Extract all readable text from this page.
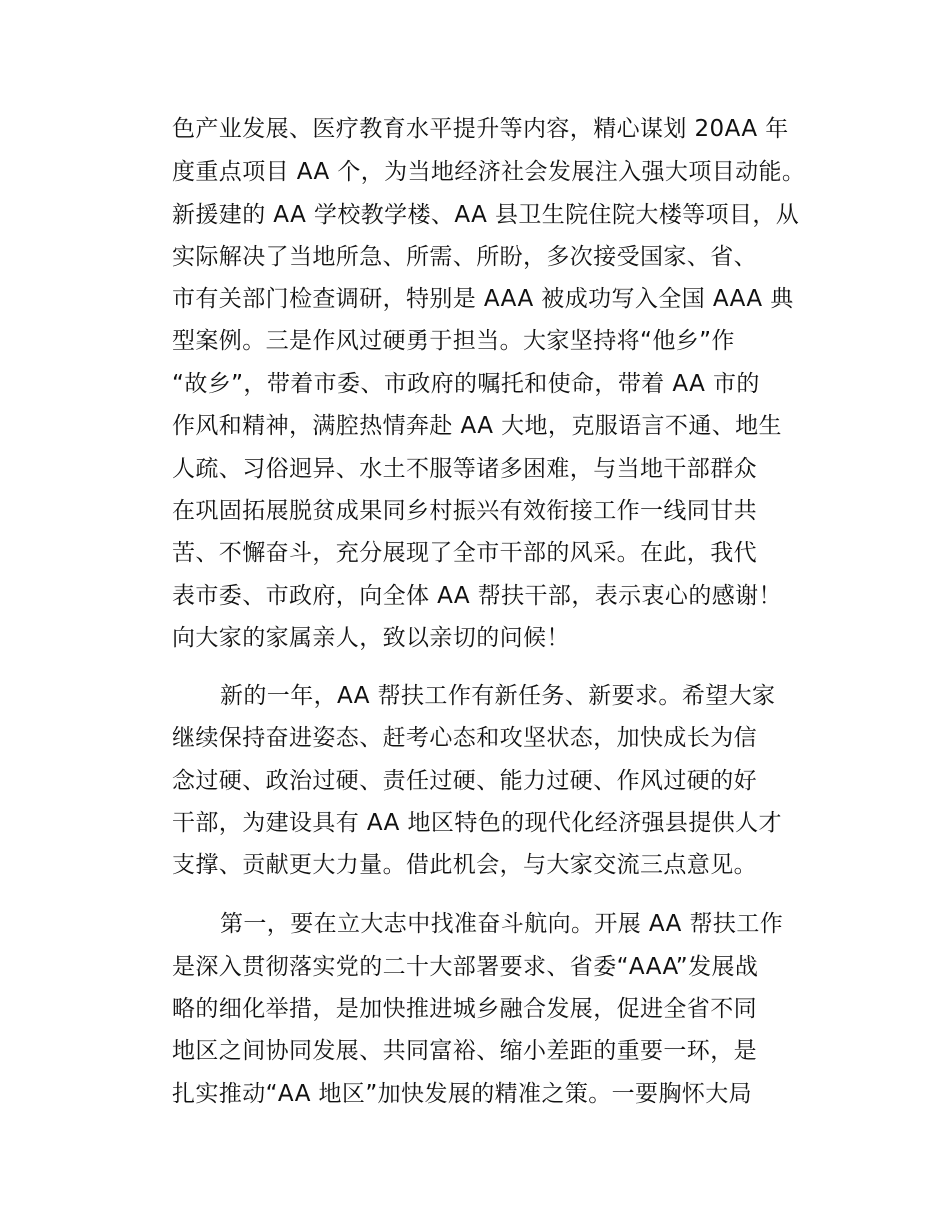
色产业发展、医疗教育水平提升等内容，精心谋划 20AA 年
度重点项目 AA 个，为当地经济社会发展注入强大项目动能。
新援建的 AA 学校教学楼、AA 县卫生院住院大楼等项目，从
实际解决了当地所急、所需、所盼，多次接受国家、省、
市有关部门检查调研，特别是 AAA 被成功写入全国 AAA 典
型案例。三是作风过硬勇于担当。大家坚持将“他乡”作
“故乡”，带着市委、市政府的嘱托和使命，带着 AA 市的
作风和精神，满腔热情奔赴 AA 大地，克服语言不通、地生
人疏、习俗迥异、水土不服等诸多困难，与当地干部群众
在巩固拓展脱贫成果同乡村振兴有效衔接工作一线同甘共
苦、不懈奋斗，充分展现了全市干部的风采。在此，我代
表市委、市政府，向全体 AA 帮扶干部，表示衷心的感谢！
向大家的家属亲人，致以亲切的问候！
新的一年，AA 帮扶工作有新任务、新要求。希望大家
继续保持奋进姿态、赶考心态和攻坚状态，加快成长为信
念过硬、政治过硬、责任过硬、能力过硬、作风过硬的好
干部，为建设具有 AA 地区特色的现代化经济强县提供人才
支撑、贡献更大力量。借此机会，与大家交流三点意见。
第一，要在立大志中找准奋斗航向。开展 AA 帮扶工作
是深入贯彻落实党的二十大部署要求、省委“AAA”发展战
略的细化举措，是加快推进城乡融合发展，促进全省不同
地区之间协同发展、共同富裕、缩小差距的重要一环，是
扎实推动“AA 地区”加快发展的精准之策。一要胸怀大局
